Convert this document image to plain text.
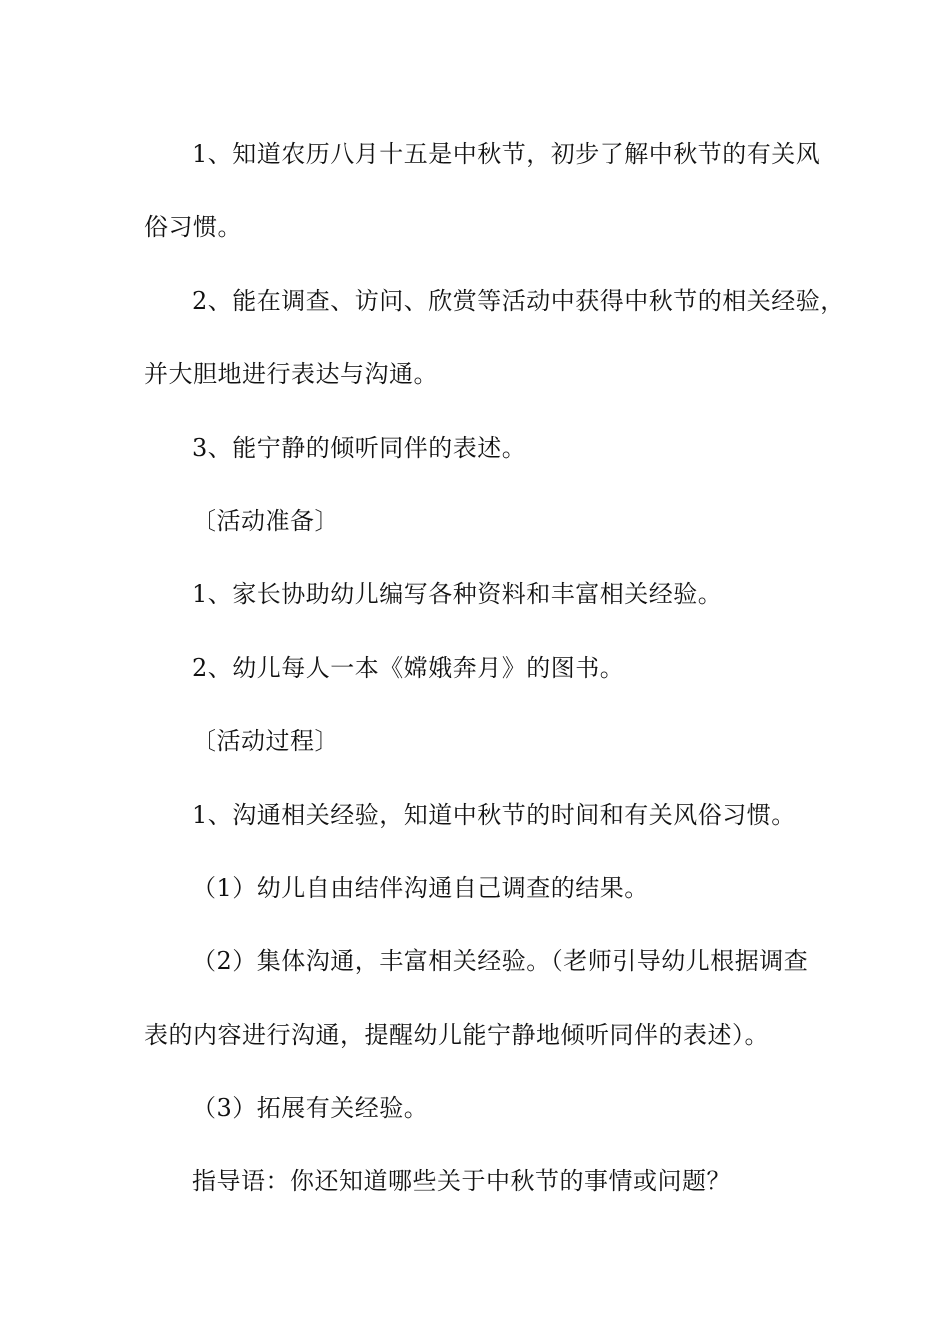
1、知道农历八月十五是中秋节，初步了解中秋节的有关风
俗习惯。
2、能在调查、访问、欣赏等活动中获得中秋节的相关经验，
并大胆地进行表达与沟通。
3、能宁静的倾听同伴的表述。
〔活动准备〕
1、家长协助幼儿编写各种资料和丰富相关经验。
2、幼儿每人一本《嫦娥奔月》的图书。
〔活动过程〕
1、沟通相关经验，知道中秋节的时间和有关风俗习惯。
（1）幼儿自由结伴沟通自己调查的结果。
（2）集体沟通，丰富相关经验。（老师引导幼儿根据调查
表的内容进行沟通，提醒幼儿能宁静地倾听同伴的表述）。
（3）拓展有关经验。
指导语：你还知道哪些关于中秋节的事情或问题？
